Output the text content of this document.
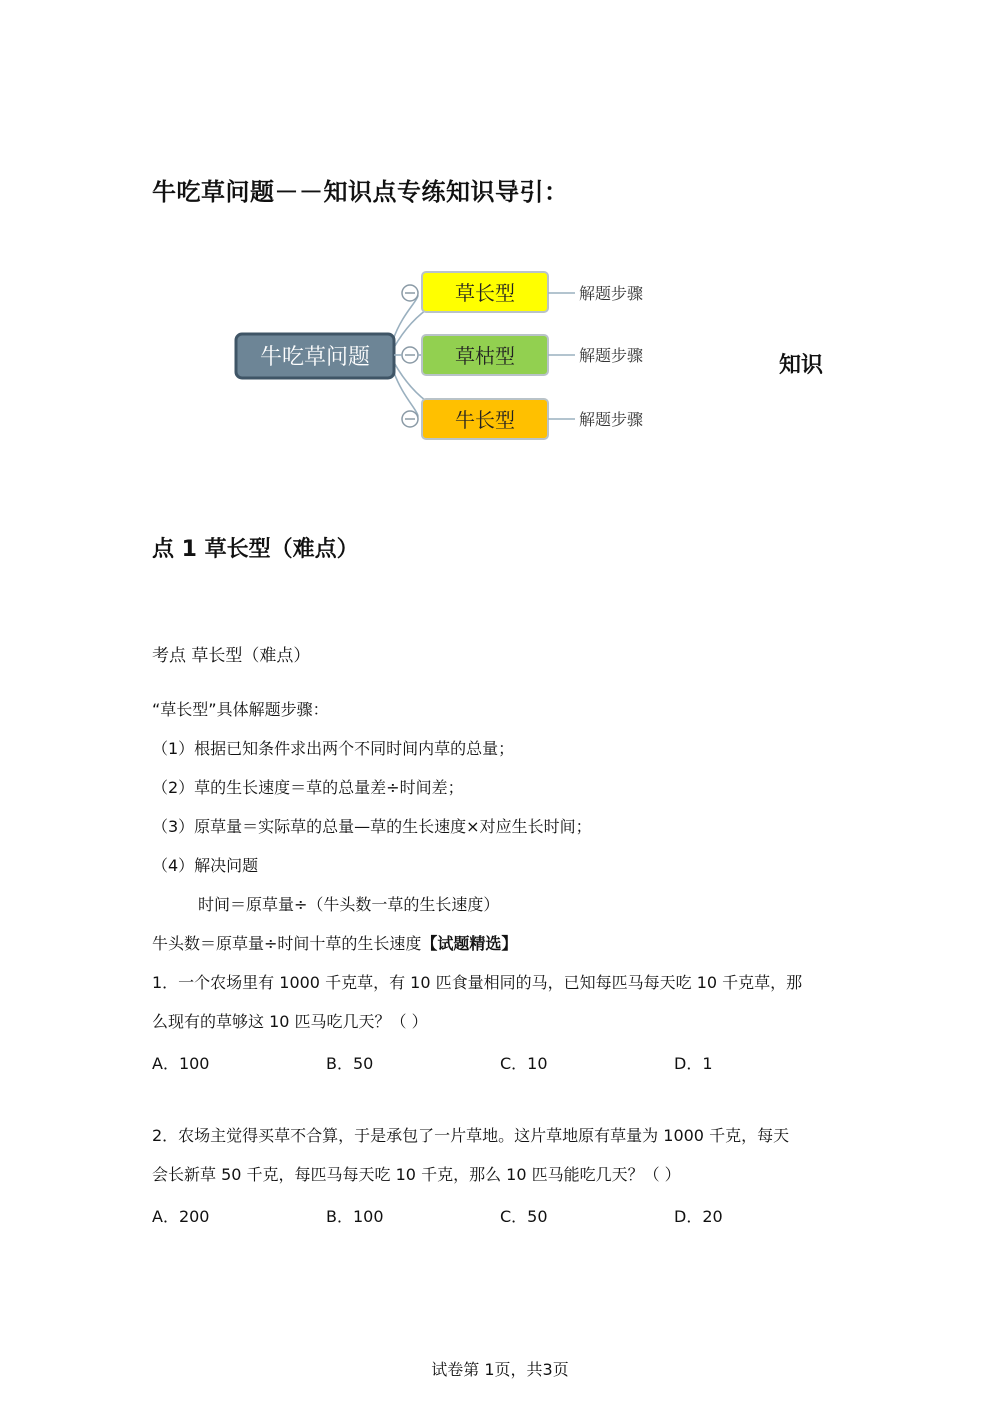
牛吃草问题－－知识点专练知识导引：
牛吃草问题
草长型
草枯型
牛长型
解题步骤
解题步骤
解题步骤
知识
点 1 草长型（难点）
考点 草长型（难点）
“草长型”具体解题步骤：
（1）根据已知条件求出两个不同时间内草的总量；
（2）草的生长速度＝草的总量差÷时间差；
（3）原草量＝实际草的总量—草的生长速度×对应生长时间；
（4）解决问题
时间＝原草量÷（牛头数一草的生长速度）
牛头数＝原草量÷时间十草的生长速度【试题精选】
1．一个农场里有 1000 千克草，有 10 匹食量相同的马，已知每匹马每天吃 10 千克草，那
么现有的草够这 10 匹马吃几天？（ ）
A．100	B．50	C．10	D．1
2．农场主觉得买草不合算，于是承包了一片草地。这片草地原有草量为 1000 千克，每天
会长新草 50 千克，每匹马每天吃 10 千克，那么 10 匹马能吃几天？（ ）
A．200	B．100	C．50	D．20
试卷第 1页，共3页
